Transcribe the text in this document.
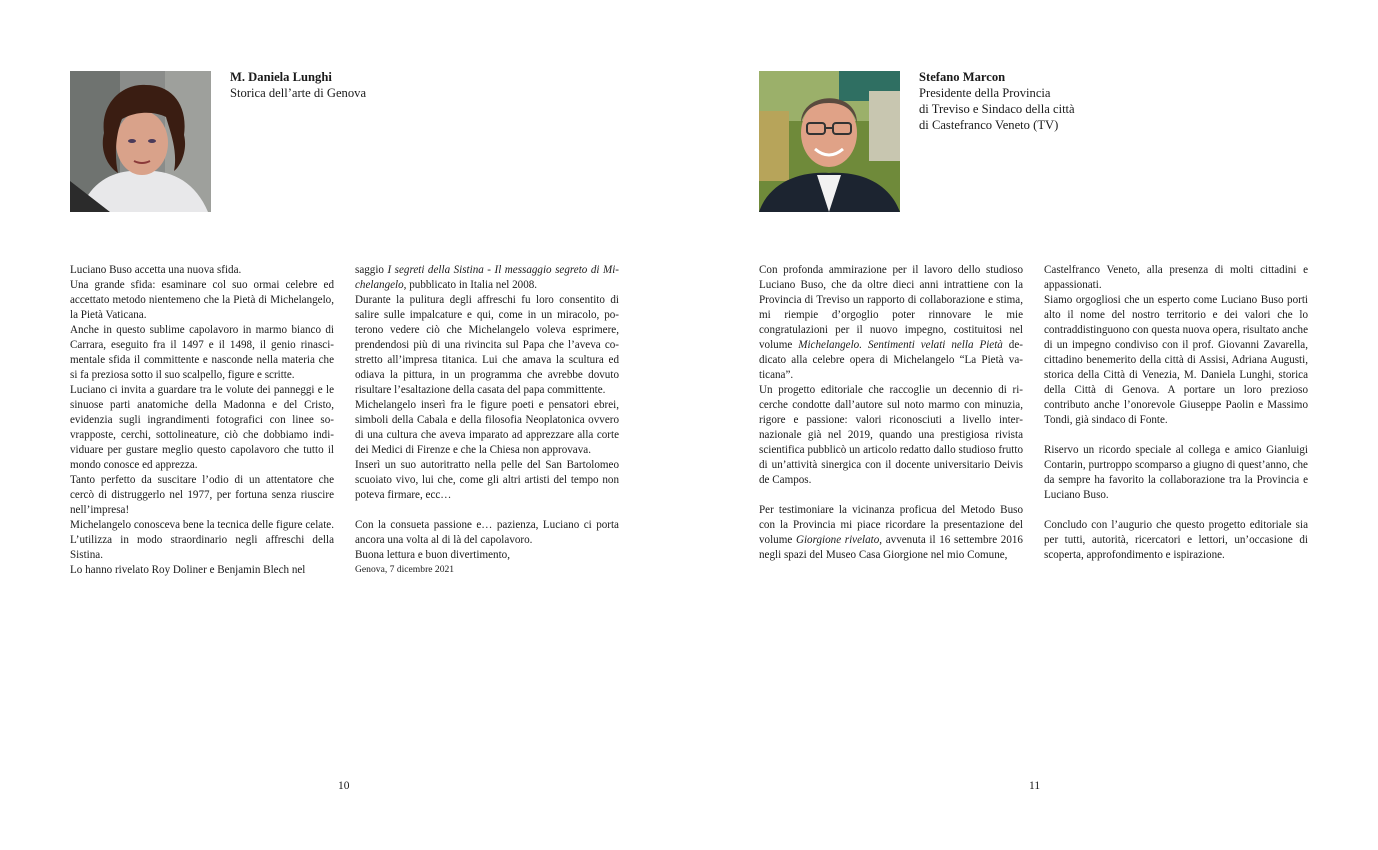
M. Daniela Lunghi
Storica dell’arte di Genova

Luciano Buso accetta una nuova sfida.

Una grande sfida: esaminare col suo ormai celebre ed accettato metodo nientemeno che la Pietà di Michelangelo, la Pietà Vaticana.

Anche in questo sublime capolavoro in marmo bianco di Carrara, eseguito fra il 1497 e il 1498, il genio rinascimentale sfida il committente e nasconde nella materia che si fa preziosa sotto il suo scalpello, figure e scritte.

Luciano ci invita a guardare tra le volute dei panneggi e le sinuose parti anatomiche della Madonna e del Cristo, evidenzia sugli ingrandimenti fotografici con linee sovrapposte, cerchi, sottolineature, ciò che dobbiamo individuare per gustare meglio questo capolavoro che tutto il mondo conosce ed apprezza.

Tanto perfetto da suscitare l’odio di un attentatore che cercò di distruggerlo nel 1977, per fortuna senza riuscire nell’impresa!

Michelangelo conosceva bene la tecnica delle figure celate. L’utilizza in modo straordinario negli affreschi della Sistina.

Lo hanno rivelato Roy Doliner e Benjamin Blech nel

saggio I segreti della Sistina - Il messaggio segreto di Michelangelo, pubblicato in Italia nel 2008.

Durante la pulitura degli affreschi fu loro consentito di salire sulle impalcature e qui, come in un miracolo, poterono vedere ciò che Michelangelo voleva esprimere, prendendosi più di una rivincita sul Papa che l’aveva costretto all’impresa titanica. Lui che amava la scultura ed odiava la pittura, in un programma che avrebbe dovuto risultare l’esaltazione della casata del papa committente.

Michelangelo inserì fra le figure poeti e pensatori ebrei, simboli della Cabala e della filosofia Neoplatonica ovvero di una cultura che aveva imparato ad apprezzare alla corte dei Medici di Firenze e che la Chiesa non approvava.

Inserì un suo autoritratto nella pelle del San Bartolomeo scuoiato vivo, lui che, come gli altri artisti del tempo non poteva firmare, ecc…

Con la consueta passione e… pazienza, Luciano ci porta ancora una volta al di là del capolavoro.

Buona lettura e buon divertimento,

Genova, 7 dicembre 2021

10
Stefano Marcon
Presidente della Provincia
di Treviso e Sindaco della città
di Castefranco Veneto (TV)

Con profonda ammirazione per il lavoro dello studioso Luciano Buso, che da oltre dieci anni intrattiene con la Provincia di Treviso un rapporto di collaborazione e stima, mi riempie d’orgoglio poter rinnovare le mie congratulazioni per il nuovo impegno, costituitosi nel volume Michelangelo. Sentimenti velati nella Pietà dedicato alla celebre opera di Michelangelo “La Pietà vaticana”.

Un progetto editoriale che raccoglie un decennio di ricerche condotte dall’autore sul noto marmo con minuzia, rigore e passione: valori riconosciuti a livello internazionale già nel 2019, quando una prestigiosa rivista scientifica pubblicò un articolo redatto dallo studioso frutto di un’attività sinergica con il docente universitario Deivis de Campos.

Per testimoniare la vicinanza proficua del Metodo Buso con la Provincia mi piace ricordare la presentazione del volume Giorgione rivelato, avvenuta il 16 settembre 2016 negli spazi del Museo Casa Giorgione nel mio Comune,

Castelfranco Veneto, alla presenza di molti cittadini e appassionati.

Siamo orgogliosi che un esperto come Luciano Buso porti alto il nome del nostro territorio e dei valori che lo contraddistinguono con questa nuova opera, risultato anche di un impegno condiviso con il prof. Giovanni Zavarella, cittadino benemerito della città di Assisi, Adriana Augusti, storica della Città di Venezia, M. Daniela Lunghi, storica della Città di Genova. A portare un loro prezioso contributo anche l’onorevole Giuseppe Paolin e Massimo Tondi, già sindaco di Fonte.

Riservo un ricordo speciale al collega e amico Gianluigi Contarin, purtroppo scomparso a giugno di quest’anno, che da sempre ha favorito la collaborazione tra la Provincia e Luciano Buso.

Concludo con l’augurio che questo progetto editoriale sia per tutti, autorità, ricercatori e lettori, un’occasione di scoperta, approfondimento e ispirazione.

11
